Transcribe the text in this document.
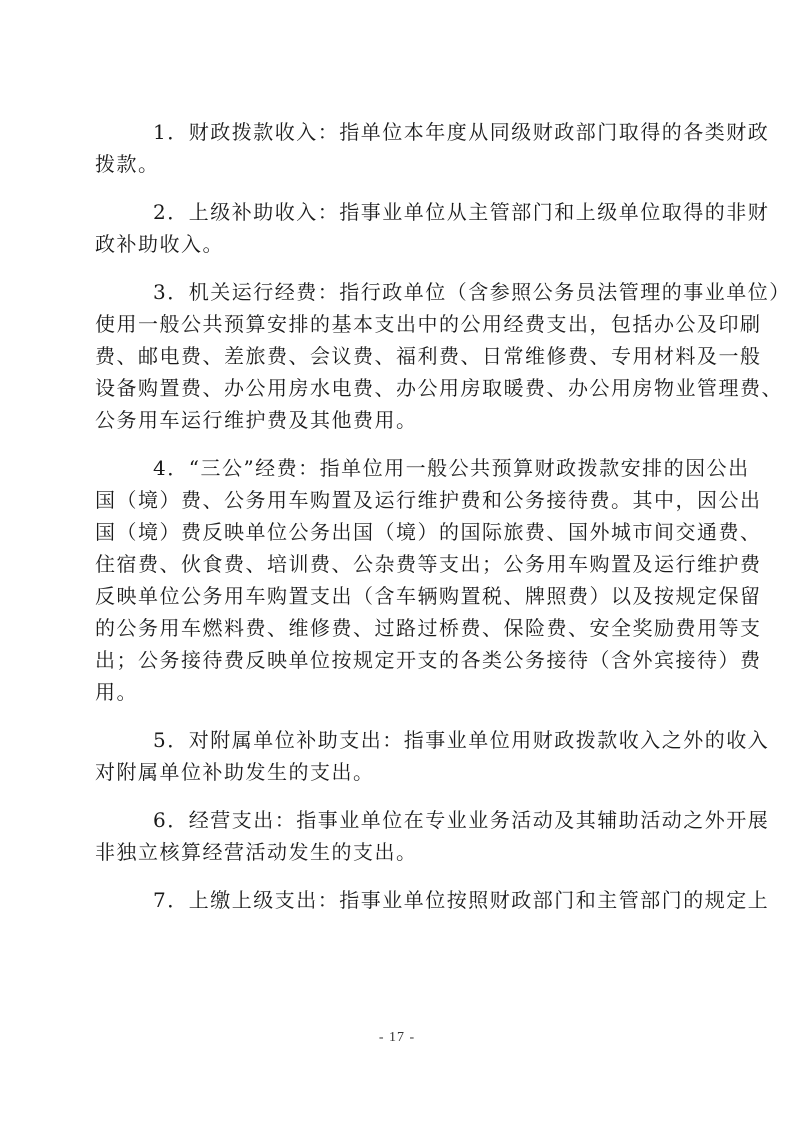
1．财政拨款收入：指单位本年度从同级财政部门取得的各类财政
拨款。
2．上级补助收入：指事业单位从主管部门和上级单位取得的非财
政补助收入。
3．机关运行经费：指行政单位（含参照公务员法管理的事业单位）
使用一般公共预算安排的基本支出中的公用经费支出，包括办公及印刷
费、邮电费、差旅费、会议费、福利费、日常维修费、专用材料及一般
设备购置费、办公用房水电费、办公用房取暖费、办公用房物业管理费、
公务用车运行维护费及其他费用。
4．“三公”经费：指单位用一般公共预算财政拨款安排的因公出
国（境）费、公务用车购置及运行维护费和公务接待费。其中，因公出
国（境）费反映单位公务出国（境）的国际旅费、国外城市间交通费、
住宿费、伙食费、培训费、公杂费等支出；公务用车购置及运行维护费
反映单位公务用车购置支出（含车辆购置税、牌照费）以及按规定保留
的公务用车燃料费、维修费、过路过桥费、保险费、安全奖励费用等支
出；公务接待费反映单位按规定开支的各类公务接待（含外宾接待）费
用。
5．对附属单位补助支出：指事业单位用财政拨款收入之外的收入
对附属单位补助发生的支出。
6．经营支出：指事业单位在专业业务活动及其辅助活动之外开展
非独立核算经营活动发生的支出。
7．上缴上级支出：指事业单位按照财政部门和主管部门的规定上
- 17 -
